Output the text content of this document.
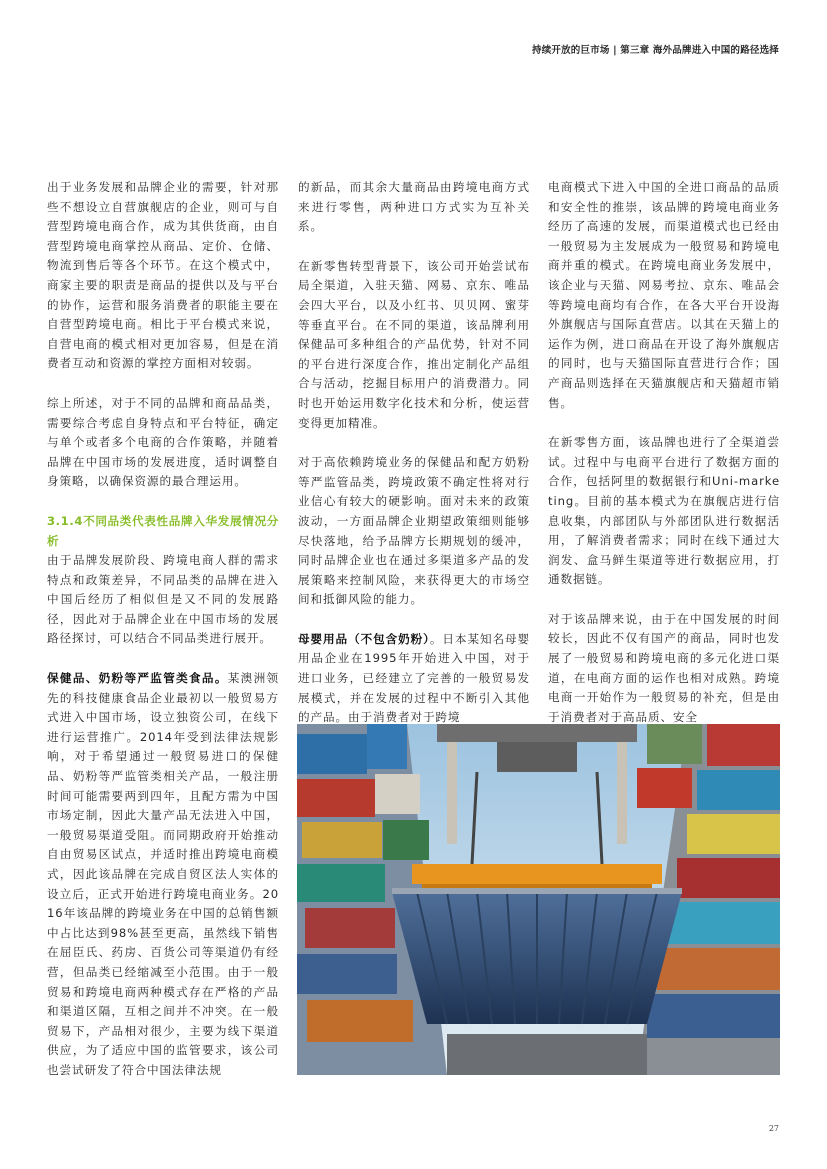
持续开放的巨市场 | 第三章 海外品牌进入中国的路径选择

出于业务发展和品牌企业的需要，针对那些不想设立自营旗舰店的企业，则可与自营型跨境电商合作，成为其供货商，由自营型跨境电商掌控从商品、定价、仓储、物流到售后等各个环节。在这个模式中，商家主要的职责是商品的提供以及与平台的协作，运营和服务消费者的职能主要在自营型跨境电商。相比于平台模式来说，自营电商的模式相对更加容易，但是在消费者互动和资源的掌控方面相对较弱。

综上所述，对于不同的品牌和商品品类，需要综合考虑自身特点和平台特征，确定与单个或者多个电商的合作策略，并随着品牌在中国市场的发展进度，适时调整自身策略，以确保资源的最合理运用。

3.1.4不同品类代表性品牌入华发展情况分析

由于品牌发展阶段、跨境电商人群的需求特点和政策差异，不同品类的品牌在进入中国后经历了相似但是又不同的发展路径，因此对于品牌企业在中国市场的发展路径探讨，可以结合不同品类进行展开。

保健品、奶粉等严监管类食品。某澳洲领先的科技健康食品企业最初以一般贸易方式进入中国市场，设立独资公司，在线下进行运营推广。2014年受到法律法规影响，对于希望通过一般贸易进口的保健品、奶粉等严监管类相关产品，一般注册时间可能需要两到四年，且配方需为中国市场定制，因此大量产品无法进入中国，一般贸易渠道受阻。而同期政府开始推动自由贸易区试点，并适时推出跨境电商模式，因此该品牌在完成自贸区法人实体的设立后，正式开始进行跨境电商业务。2016年该品牌的跨境业务在中国的总销售额中占比达到98%甚至更高，虽然线下销售在屈臣氏、药房、百货公司等渠道仍有经营，但品类已经缩减至小范围。由于一般贸易和跨境电商两种模式存在严格的产品和渠道区隔，互相之间并不冲突。在一般贸易下，产品相对很少，主要为线下渠道供应，为了适应中国的监管要求，该公司也尝试研发了符合中国法律法规

的新品，而其余大量商品由跨境电商方式来进行零售，两种进口方式实为互补关系。

在新零售转型背景下，该公司开始尝试布局全渠道，入驻天猫、网易、京东、唯品会四大平台，以及小红书、贝贝网、蜜芽等垂直平台。在不同的渠道，该品牌利用保健品可多种组合的产品优势，针对不同的平台进行深度合作，推出定制化产品组合与活动，挖掘目标用户的消费潜力。同时也开始运用数字化技术和分析，使运营变得更加精准。

对于高依赖跨境业务的保健品和配方奶粉等严监管品类，跨境政策不确定性将对行业信心有较大的硬影响。面对未来的政策波动，一方面品牌企业期望政策细则能够尽快落地，给予品牌方长期规划的缓冲，同时品牌企业也在通过多渠道多产品的发展策略来控制风险，来获得更大的市场空间和抵御风险的能力。

母婴用品（不包含奶粉）。日本某知名母婴用品企业在1995年开始进入中国，对于进口业务，已经建立了完善的一般贸易发展模式，并在发展的过程中不断引入其他的产品。由于消费者对于跨境

电商模式下进入中国的全进口商品的品质和安全性的推崇，该品牌的跨境电商业务经历了高速的发展，而渠道模式也已经由一般贸易为主发展成为一般贸易和跨境电商并重的模式。在跨境电商业务发展中，该企业与天猫、网易考拉、京东、唯品会等跨境电商均有合作，在各大平台开设海外旗舰店与国际直营店。以其在天猫上的运作为例，进口商品在开设了海外旗舰店的同时，也与天猫国际直营进行合作；国产商品则选择在天猫旗舰店和天猫超市销售。

在新零售方面，该品牌也进行了全渠道尝试。过程中与电商平台进行了数据方面的合作，包括阿里的数据银行和Uni-marketing。目前的基本模式为在旗舰店进行信息收集，内部团队与外部团队进行数据活用，了解消费者需求；同时在线下通过大润发、盒马鲜生渠道等进行数据应用，打通数据链。

对于该品牌来说，由于在中国发展的时间较长，因此不仅有国产的商品，同时也发展了一般贸易和跨境电商的多元化进口渠道，在电商方面的运作也相对成熟。跨境电商一开始作为一般贸易的补充，但是由于消费者对于高品质、安全

27
